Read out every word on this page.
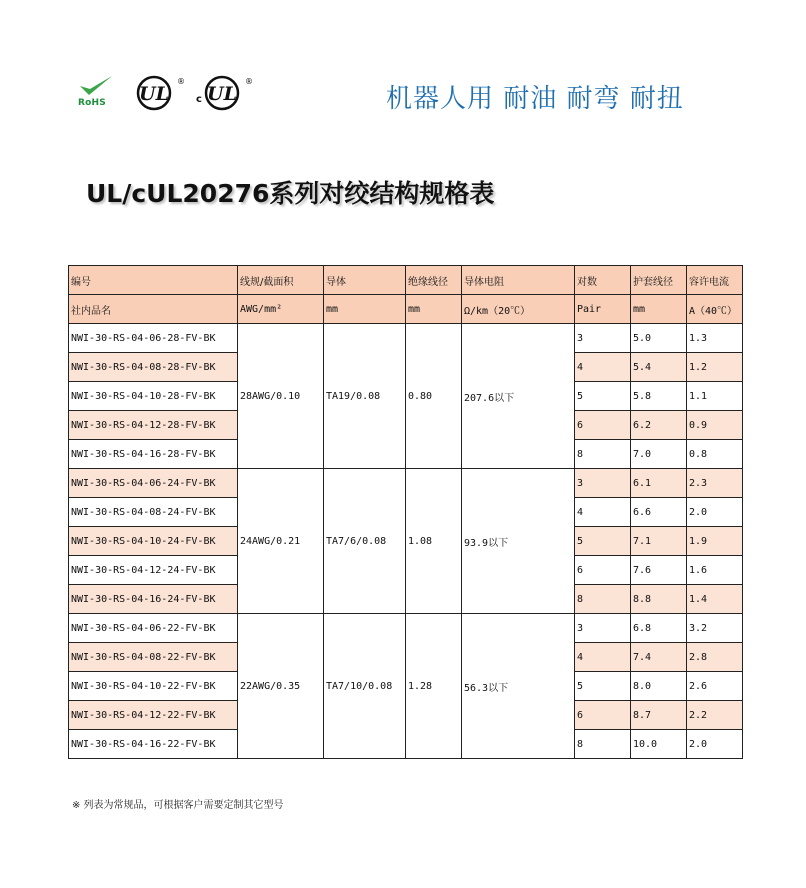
RoHS UL
®
c UL
®
机器人用 耐油 耐弯 耐扭
UL/cUL20276系列对绞结构规格表
编号	线规/截面积	导体	绝缘线径	导体电阻	对数	护套线径	容许电流
社内品名	AWG/mm²	mm	mm	Ω/km（20℃）	Pair	mm	A（40℃）
NWI-30-RS-04-06-28-FV-BK	28AWG/0.10	TA19/0.08	0.80	207.6以下	3	5.0	1.3
NWI-30-RS-04-08-28-FV-BK					4	5.4	1.2
NWI-30-RS-04-10-28-FV-BK					5	5.8	1.1
NWI-30-RS-04-12-28-FV-BK					6	6.2	0.9
NWI-30-RS-04-16-28-FV-BK					8	7.0	0.8
NWI-30-RS-04-06-24-FV-BK	24AWG/0.21	TA7/6/0.08	1.08	93.9以下	3	6.1	2.3
NWI-30-RS-04-08-24-FV-BK					4	6.6	2.0
NWI-30-RS-04-10-24-FV-BK					5	7.1	1.9
NWI-30-RS-04-12-24-FV-BK					6	7.6	1.6
NWI-30-RS-04-16-24-FV-BK					8	8.8	1.4
NWI-30-RS-04-06-22-FV-BK	22AWG/0.35	TA7/10/0.08	1.28	56.3以下	3	6.8	3.2
NWI-30-RS-04-08-22-FV-BK					4	7.4	2.8
NWI-30-RS-04-10-22-FV-BK					5	8.0	2.6
NWI-30-RS-04-12-22-FV-BK					6	8.7	2.2
NWI-30-RS-04-16-22-FV-BK					8	10.0	2.0
※ 列表为常规品，可根据客户需要定制其它型号
